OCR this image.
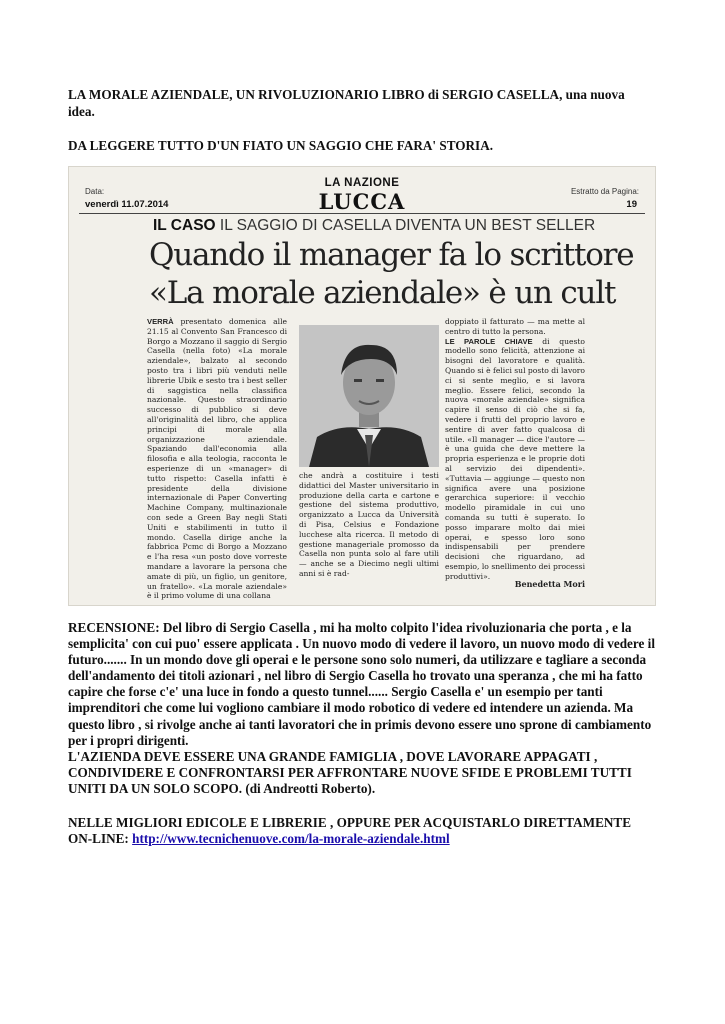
LA MORALE AZIENDALE, UN RIVOLUZIONARIO LIBRO di SERGIO CASELLA, una nuova idea.
DA LEGGERE TUTTO D'UN FIATO UN SAGGIO CHE FARA' STORIA.
Data:
venerdì 11.07.2014
LA NAZIONE
LUCCA	Estratto da Pagina:
19
IL CASO IL SAGGIO DI CASELLA DIVENTA UN BEST SELLER
Quando il manager fa lo scrittore
«La morale aziendale» è un cult

VERRÀ presentato domenica alle 21.15 al Convento San Francesco di Borgo a Mozzano il saggio di Sergio Casella (nella foto) «La morale aziendale», balzato al secondo posto tra i libri più venduti nelle librerie Ubik e sesto tra i best seller di saggistica nella classifica nazionale. Questo straordinario successo di pubblico si deve all'originalità del libro, che applica principi di morale alla organizzazione aziendale. Spaziando dall'economia alla filosofia e alla teologia, racconta le esperienze di un «manager» di tutto rispetto: Casella infatti è presidente della divisione internazionale di Paper Converting Machine Company, multinazionale con sede a Green Bay negli Stati Uniti e stabilimenti in tutto il mondo. Casella dirige anche la fabbrica Pcmc di Borgo a Mozzano e l'ha resa «un posto dove vorreste mandare a lavorare la persona che amate di più, un figlio, un genitore, un fratello». «La morale aziendale» è il primo volume di una collana

che andrà a costituire i testi didattici del Master universitario in produzione della carta e cartone e gestione del sistema produttivo, organizzato a Lucca da Università di Pisa, Celsius e Fondazione lucchese alta ricerca. Il metodo di gestione manageriale promosso da Casella non punta solo al fare utili — anche se a Diecimo negli ultimi anni si è rad-

doppiato il fatturato — ma mette al centro di tutto la persona.
LE PAROLE CHIAVE di questo modello sono felicità, attenzione ai bisogni del lavoratore e qualità. Quando si è felici sul posto di lavoro ci si sente meglio, e si lavora meglio. Essere felici, secondo la nuova «morale aziendale» significa capire il senso di ciò che si fa, vedere i frutti del proprio lavoro e sentire di aver fatto qualcosa di utile. «Il manager — dice l'autore — è una guida che deve mettere la propria esperienza e le proprie doti al servizio dei dipendenti». «Tuttavia — aggiunge — questo non significa avere una posizione gerarchica superiore: il vecchio modello piramidale in cui uno comanda su tutti è superato. Io posso imparare molto dai miei operai, e spesso loro sono indispensabili per prendere decisioni che riguardano, ad esempio, lo snellimento dei processi produttivi».

Benedetta Mori
RECENSIONE: Del libro di Sergio Casella , mi ha molto colpito l'idea rivoluzionaria che porta , e la semplicita' con cui puo' essere applicata . Un nuovo modo di vedere il lavoro, un nuovo modo di vedere il futuro....... In un mondo dove gli operai e le persone sono solo numeri, da utilizzare e tagliare a seconda dell'andamento dei titoli azionari , nel libro di Sergio Casella ho trovato una speranza , che mi ha fatto capire che forse c'e' una luce in fondo a questo tunnel...... Sergio Casella e' un esempio per tanti imprenditori che come lui vogliono cambiare il modo robotico di vedere ed intendere un azienda. Ma questo libro , si rivolge anche ai tanti lavoratori che in primis devono essere uno sprone di cambiamento per i propri dirigenti.
L'AZIENDA DEVE ESSERE UNA GRANDE FAMIGLIA , DOVE LAVORARE APPAGATI , CONDIVIDERE E CONFRONTARSI PER AFFRONTARE NUOVE SFIDE E PROBLEMI TUTTI UNITI DA UN SOLO SCOPO. (di Andreotti Roberto).
NELLE MIGLIORI EDICOLE E LIBRERIE , OPPURE PER ACQUISTARLO DIRETTAMENTE ON-LINE: http://www.tecnichenuove.com/la-morale-aziendale.html
